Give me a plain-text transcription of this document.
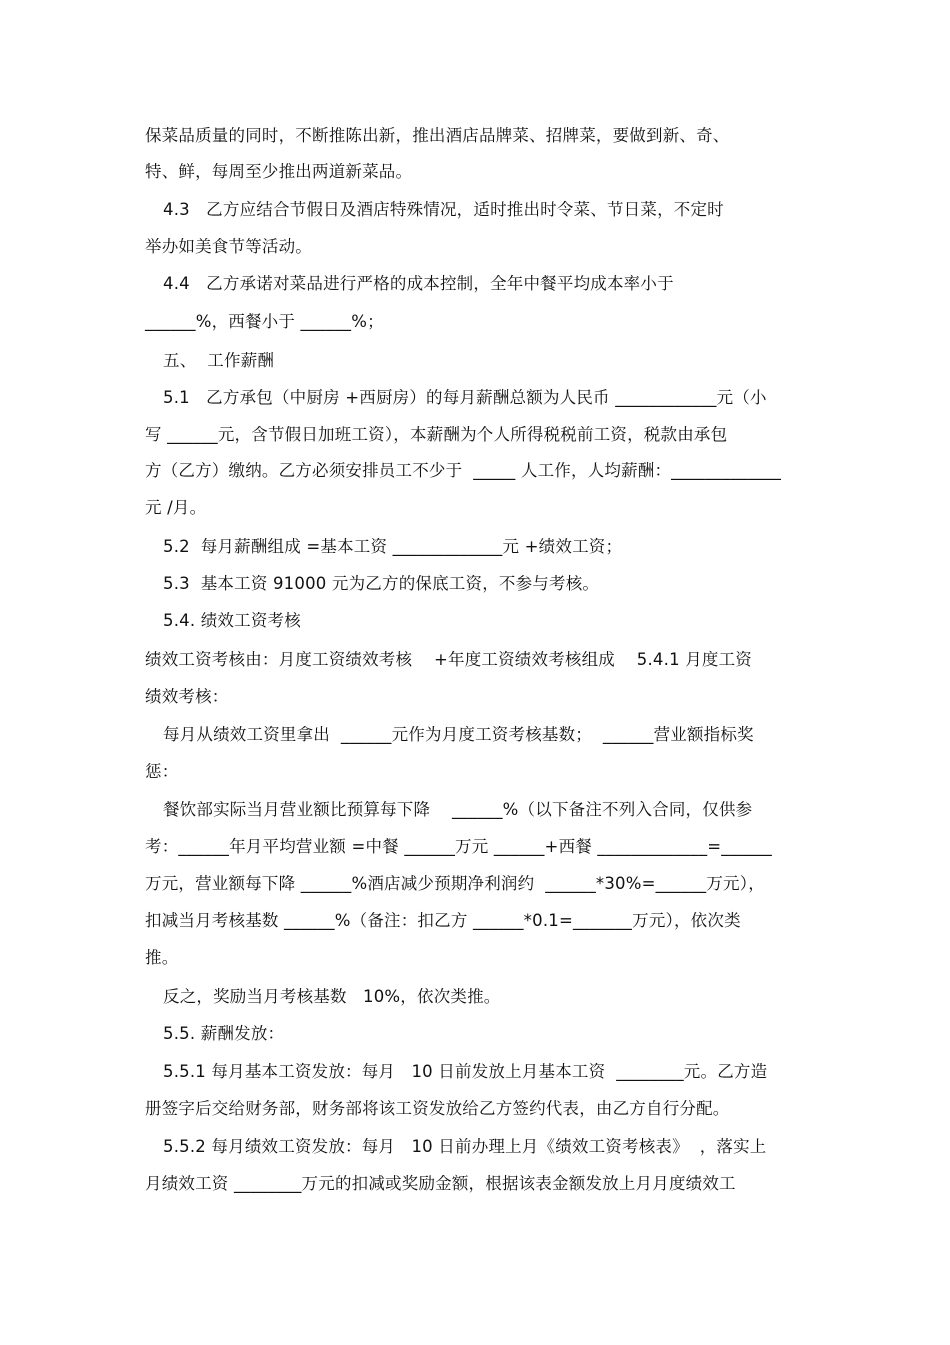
保菜品质量的同时，不断推陈出新，推出酒店品牌菜、招牌菜，要做到新、奇、
特、鲜，每周至少推出两道新菜品。
4.3   乙方应结合节假日及酒店特殊情况，适时推出时令菜、节日菜，不定时
举办如美食节等活动。
4.4   乙方承诺对菜品进行严格的成本控制，全年中餐平均成本率小于
______%，西餐小于 ______%；
五、  工作薪酬
5.1   乙方承包（中厨房 +西厨房）的每月薪酬总额为人民币 ____________元（小
写 ______元，含节假日加班工资），本薪酬为个人所得税税前工资，税款由承包
方（乙方）缴纳。乙方必须安排员工不少于  _____ 人工作，人均薪酬：_____________
元 /月。
5.2  每月薪酬组成 =基本工资 _____________元 +绩效工资；
5.3  基本工资 91000 元为乙方的保底工资，不参与考核。
5.4. 绩效工资考核
绩效工资考核由：月度工资绩效考核    +年度工资绩效考核组成    5.4.1 月度工资
绩效考核：
每月从绩效工资里拿出  ______元作为月度工资考核基数；  ______营业额指标奖
惩：
餐饮部实际当月营业额比预算每下降    ______%（以下备注不列入合同，仅供参
考：______年月平均营业额 =中餐 ______万元 ______+西餐 _____________=______
万元，营业额每下降 ______%酒店减少预期净利润约  ______*30%=______万元），
扣减当月考核基数 ______%（备注：扣乙方 ______*0.1=_______万元），依次类
推。
反之，奖励当月考核基数   10%，依次类推。
5.5. 薪酬发放：
5.5.1 每月基本工资发放：每月   10 日前发放上月基本工资  ________元。乙方造
册签字后交给财务部，财务部将该工资发放给乙方签约代表，由乙方自行分配。
5.5.2 每月绩效工资发放：每月   10 日前办理上月《绩效工资考核表》  ，落实上
月绩效工资 ________万元的扣减或奖励金额，根据该表金额发放上月月度绩效工
